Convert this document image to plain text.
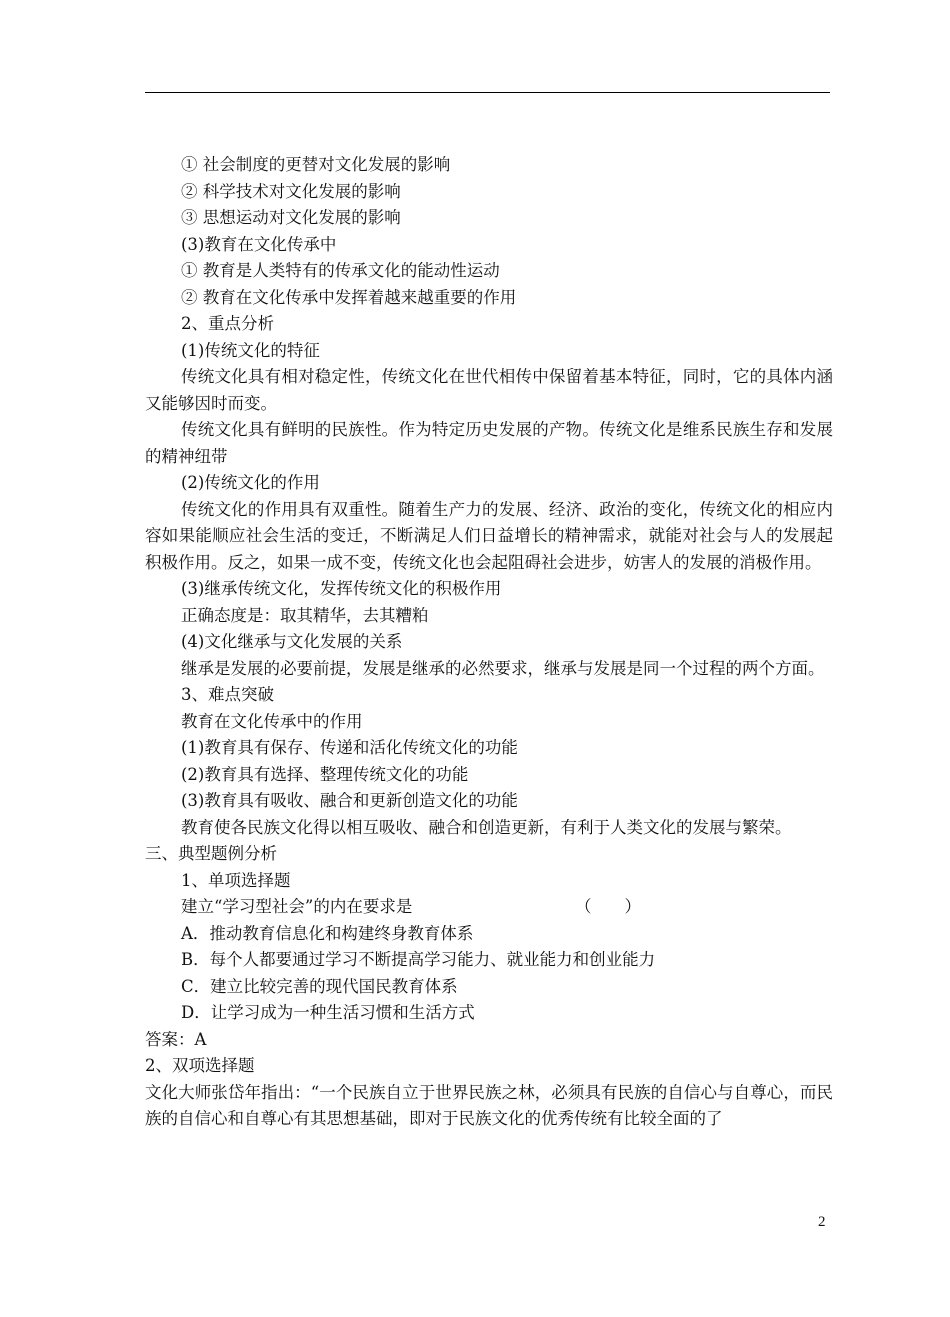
① 社会制度的更替对文化发展的影响
② 科学技术对文化发展的影响
③ 思想运动对文化发展的影响
(3)教育在文化传承中
① 教育是人类特有的传承文化的能动性运动
② 教育在文化传承中发挥着越来越重要的作用
2、重点分析
(1)传统文化的特征
传统文化具有相对稳定性，传统文化在世代相传中保留着基本特征，同时，它的具体内涵又能够因时而变。
传统文化具有鲜明的民族性。作为特定历史发展的产物。传统文化是维系民族生存和发展的精神纽带
(2)传统文化的作用
传统文化的作用具有双重性。随着生产力的发展、经济、政治的变化，传统文化的相应内容如果能顺应社会生活的变迁，不断满足人们日益增长的精神需求，就能对社会与人的发展起积极作用。反之，如果一成不变，传统文化也会起阻碍社会进步，妨害人的发展的消极作用。
(3)继承传统文化，发挥传统文化的积极作用
正确态度是：取其精华，去其糟粕
(4)文化继承与文化发展的关系
继承是发展的必要前提，发展是继承的必然要求，继承与发展是同一个过程的两个方面。
3、难点突破
教育在文化传承中的作用
(1)教育具有保存、传递和活化传统文化的功能
(2)教育具有选择、整理传统文化的功能
(3)教育具有吸收、融合和更新创造文化的功能
教育使各民族文化得以相互吸收、融合和创造更新，有利于人类文化的发展与繁荣。
三、典型题例分析
1、单项选择题
建立“学习型社会”的内在要求是	（　　）
A．推动教育信息化和构建终身教育体系
B．每个人都要通过学习不断提高学习能力、就业能力和创业能力
C．建立比较完善的现代国民教育体系
D．让学习成为一种生活习惯和生活方式
答案：A
2、双项选择题
文化大师张岱年指出：“一个民族自立于世界民族之林，必须具有民族的自信心与自尊心，而民族的自信心和自尊心有其思想基础，即对于民族文化的优秀传统有比较全面的了
2
